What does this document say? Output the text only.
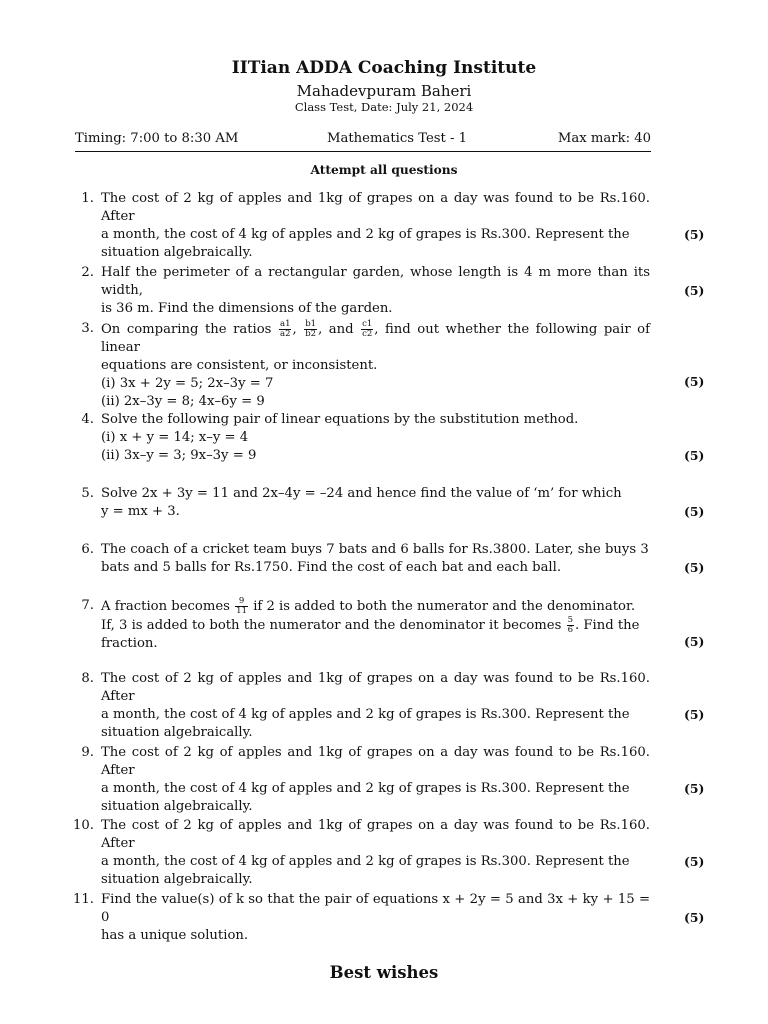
IITian ADDA Coaching Institute
Mahadevpuram Baheri
Class Test, Date: July 21, 2024
Timing: 7:00 to 8:30 AM	Mathematics Test - 1	Max mark: 40
Attempt all questions
1. The cost of 2 kg of apples and 1kg of grapes on a day was found to be Rs.160. After
a month, the cost of 4 kg of apples and 2 kg of grapes is Rs.300. Represent the
situation algebraically.
(5)
2. Half the perimeter of a rectangular garden, whose length is 4 m more than its width,
is 36 m. Find the dimensions of the garden.
(5)
3. On comparing the ratios $\frac{a1}{a2}$ , $\frac{b1}{b2}$ , and $\frac{c1}{c2}$ , find out whether the following pair of linear
equations are consistent, or inconsistent.
(i) 3x + 2y = 5; 2x–3y = 7
(ii) 2x–3y = 8; 4x–6y = 9
(5)
4. Solve the following pair of linear equations by the substitution method.
(i) x + y = 14; x–y = 4
(ii) 3x–y = 3; 9x–3y = 9	(5)
5. Solve 2x + 3y = 11 and 2x–4y = –24 and hence find the value of ‘m’ for which
y = mx + 3.	(5)
6. The coach of a cricket team buys 7 bats and 6 balls for Rs.3800. Later, she buys 3
bats and 5 balls for Rs.1750. Find the cost of each bat and each ball.	(5)
7. A fraction becomes $\frac{9}{11}$ if 2 is added to both the numerator and the denominator.
If, 3 is added to both the numerator and the denominator it becomes $\frac{5}{6}$ . Find the
fraction.	(5)
8. The cost of 2 kg of apples and 1kg of grapes on a day was found to be Rs.160. After
a month, the cost of 4 kg of apples and 2 kg of grapes is Rs.300. Represent the
situation algebraically.
(5)
9. The cost of 2 kg of apples and 1kg of grapes on a day was found to be Rs.160. After
a month, the cost of 4 kg of apples and 2 kg of grapes is Rs.300. Represent the
situation algebraically.
(5)
10. The cost of 2 kg of apples and 1kg of grapes on a day was found to be Rs.160. After
a month, the cost of 4 kg of apples and 2 kg of grapes is Rs.300. Represent the
situation algebraically.
(5)
11. Find the value(s) of k so that the pair of equations x + 2y = 5 and 3x + ky + 15 = 0
has a unique solution.
(5)
Best wishes
